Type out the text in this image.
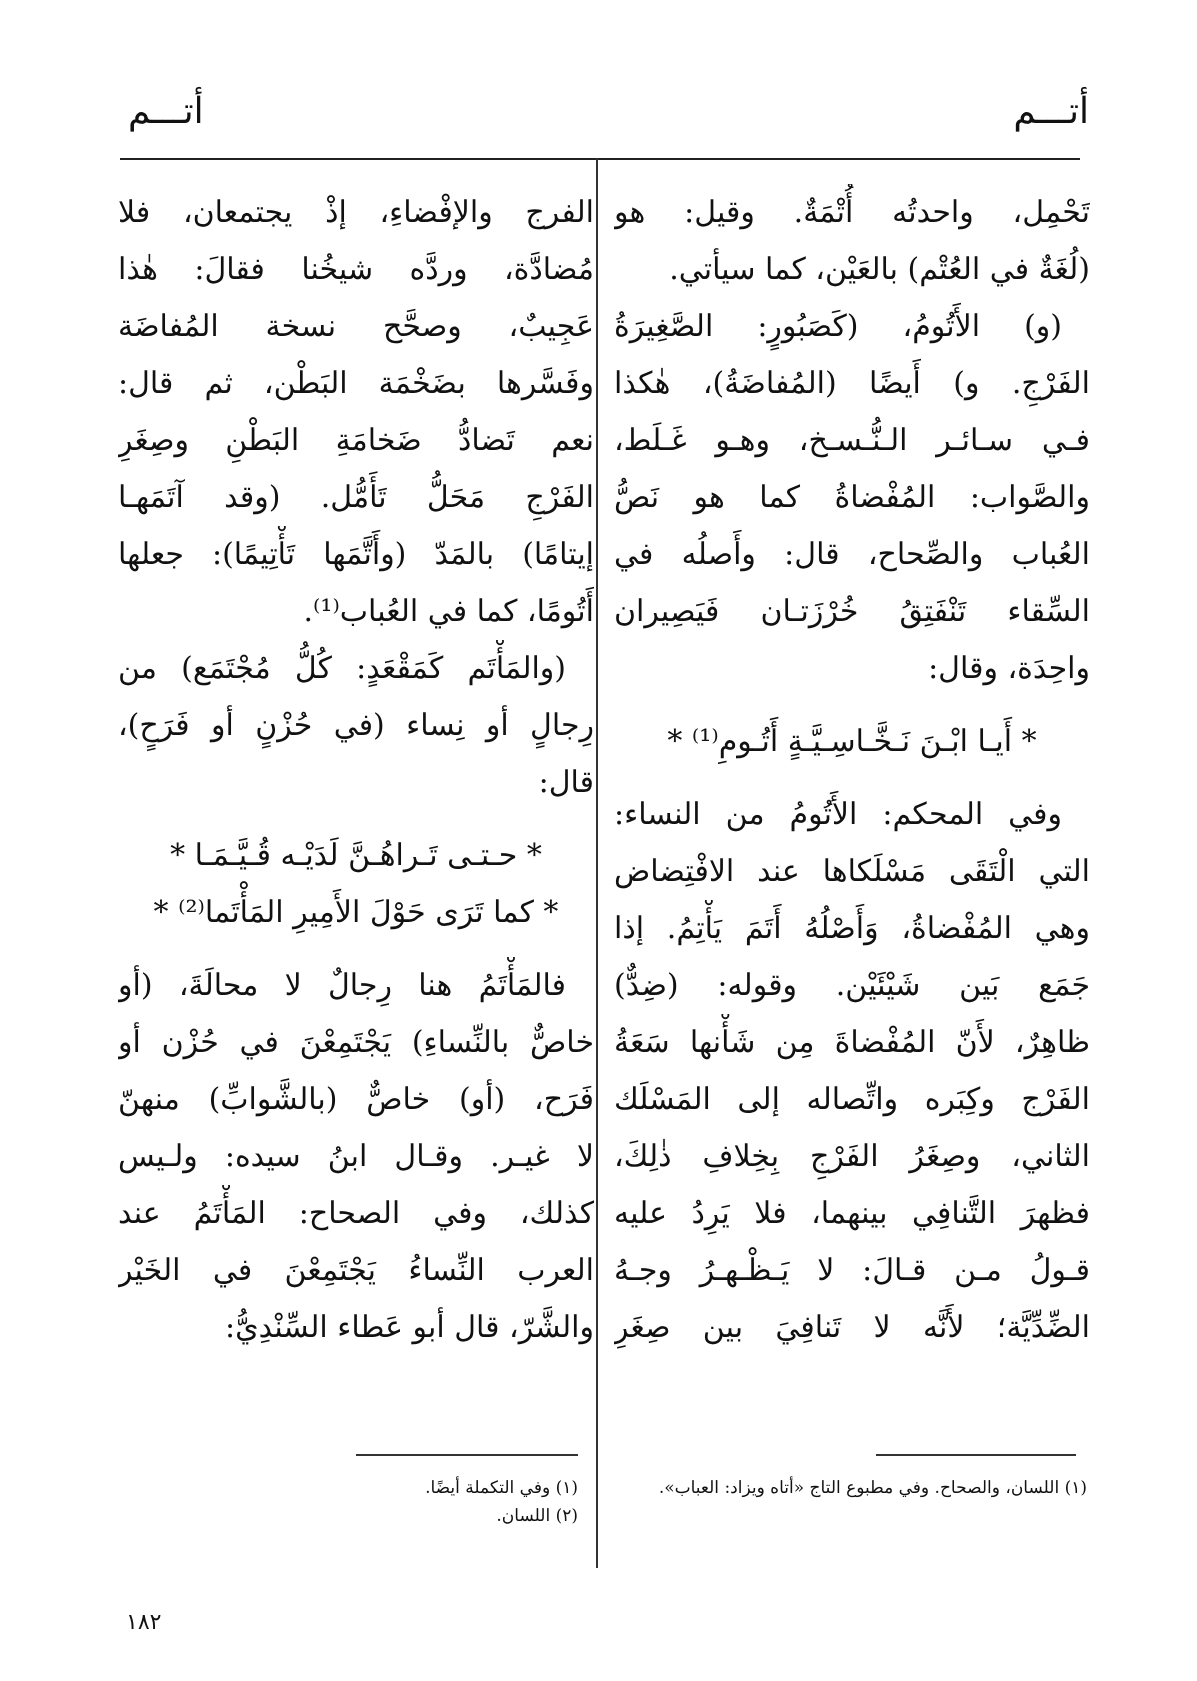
أتـــم
أتـــم
تَحْمِل، واحدتُه أُتْمَةٌ. وقيل: هو
(لُغَةٌ في العُتْم) بالعَيْن، كما سيأتي.
(و) الأَتُومُ، (كَصَبُورٍ: الصَّغِيرَةُ
الفَرْجِ. و) أَيضًا (المُفاضَةُ)، هٰكذا
فـي سـائـر الـنُّـسـخ، وهـو غَـلَط،
والصَّواب: المُفْضاةُ كما هو نَصُّ
العُباب والصِّحاح، قال: وأَصلُه في
السِّقاء تَنْفَتِقُ خُرْزَتـان فَيَصِيران
واحِدَة، وقال:
* أَيـا ابْـنَ نَـخَّـاسِـيَّـةٍ أَتُـومِ⁽¹⁾ *
وفي المحكم: الأَتُومُ من النساء:
التي الْتَقَى مَسْلَكاها عند الافْتِضاض
وهي المُفْضاةُ، وَأَصْلُهُ أَتَمَ يَأْتِمُ. إذا
جَمَع بَين شَيْئَيْن. وقوله: (ضِدٌّ)
ظاهِرٌ، لأَنّ المُفْضاةَ مِن شَأْنها سَعَةُ
الفَرْج وكِبَره واتِّصاله إلى المَسْلَك
الثاني، وصِغَرُ الفَرْجِ بِخِلافِ ذٰلِكَ،
فظهرَ التَّنافِي بينهما، فلا يَرِدُ عليه
قـولُ مـن قـالَ: لا يَـظْـهـرُ وجـهُ
الضِّدِّيَّة؛ لأَنَّه لا تَنافِيَ بين صِغَرِ
الفرج والإفْضاءِ، إذْ يجتمعان، فلا
مُضادَّة، وردَّه شيخُنا فقالَ: هٰذا
عَجِيبٌ، وصحَّح نسخة المُفاضَة
وفَسَّرها بضَخْمَة البَطْن، ثم قال:
نعم تَضادُّ ضَخامَةِ البَطْنِ وصِغَرِ
الفَرْجِ مَحَلُّ تَأَمُّل. (وقد آتَمَهـا
إيتامًا) بالمَدّ (وأَتَّمَها تَأْتِيمًا): جعلها
أَتُومًا، كما في العُباب⁽¹⁾.
(والمَأْتَم كَمَقْعَدٍ: كُلُّ مُجْتَمَع) من
رِجالٍ أو نِساء (في حُزْنٍ أو فَرَحٍ)،
قال:
* حـتـى تَـراهُـنَّ لَدَيْـه قُـيَّـمَـا *
* كما تَرَى حَوْلَ الأَمِيرِ المَأْتَما⁽²⁾ *
فالمَأْتَمُ هنا رِجالٌ لا محالَةَ، (أو
خاصٌّ بالنِّساءِ) يَجْتَمِعْنَ في حُزْن أو
فَرَح، (أو) خاصٌّ (بالشَّوابِّ) منهنّ
لا غيـر. وقـال ابنُ سيده: ولـيس
كذلك، وفي الصحاح: المَأْتَمُ عند
العرب النِّساءُ يَجْتَمِعْنَ في الخَيْر
والشَّرّ، قال أبو عَطاء السِّنْدِيُّ:
(١) اللسان، والصحاح. وفي مطبوع التاج «أتاه ويزاد: العباب».
(١) وفي التكملة أيضًا.
(٢) اللسان.
١٨٢
